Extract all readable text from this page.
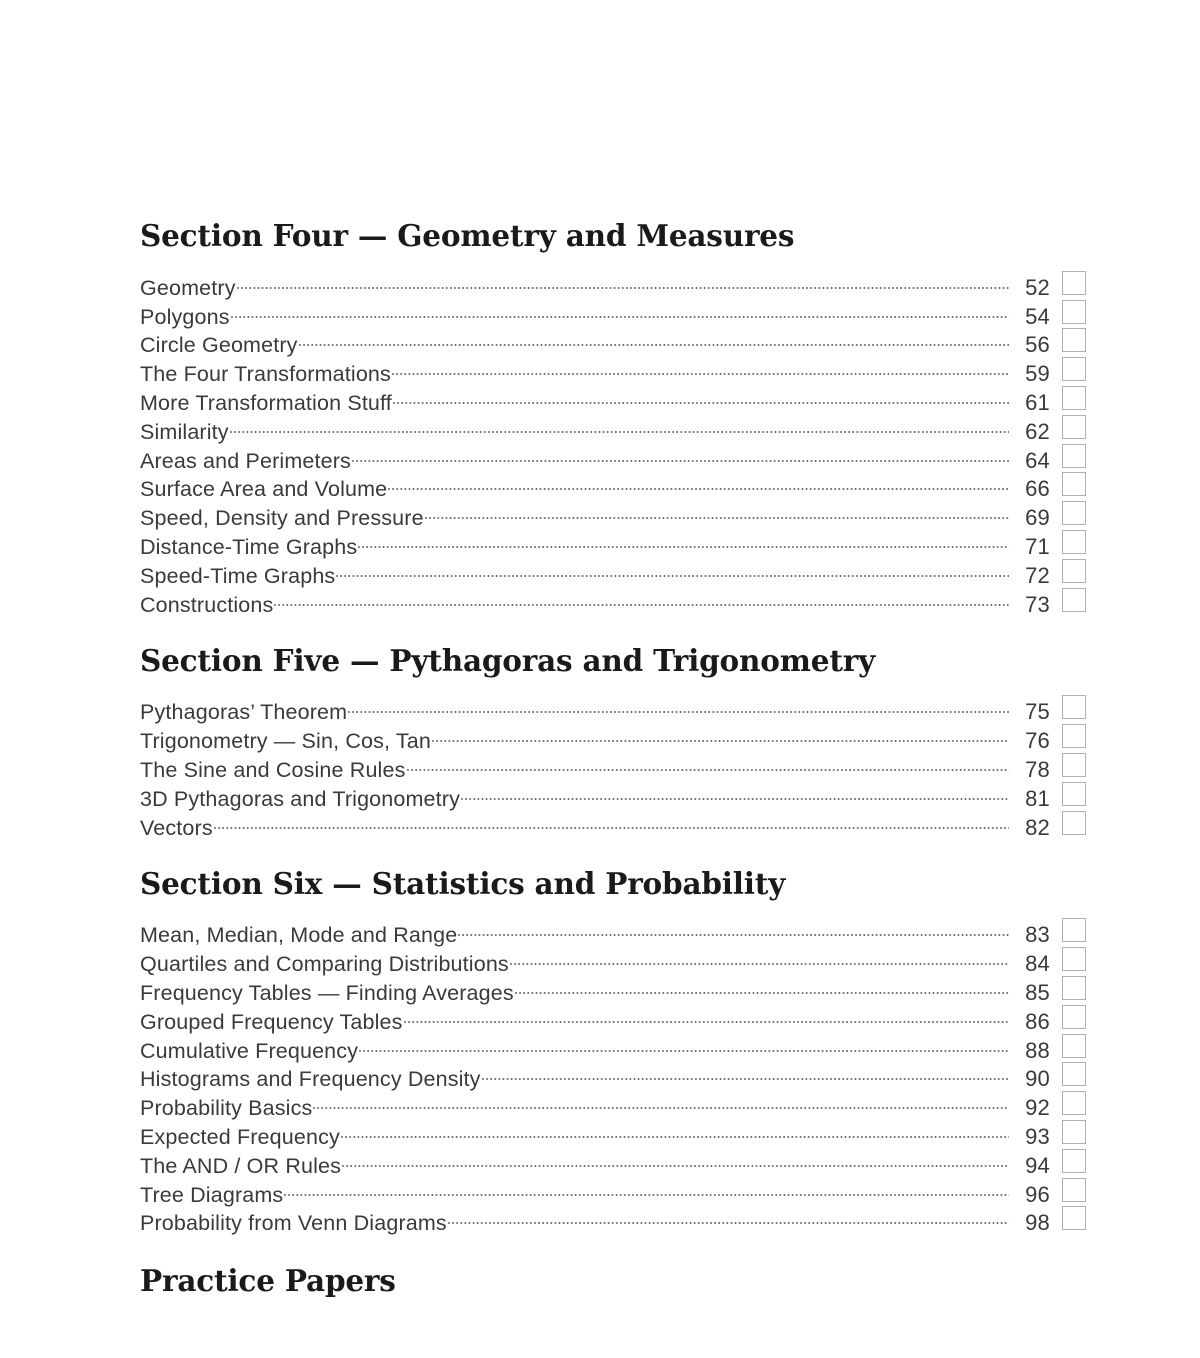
Section Four — Geometry and Measures
Geometry	52
Polygons	54
Circle Geometry	56
The Four Transformations	59
More Transformation Stuff	61
Similarity	62
Areas and Perimeters	64
Surface Area and Volume	66
Speed, Density and Pressure	69
Distance-Time Graphs	71
Speed-Time Graphs	72
Constructions	73
Section Five — Pythagoras and Trigonometry
Pythagoras’ Theorem	75
Trigonometry — Sin, Cos, Tan	76
The Sine and Cosine Rules	78
3D Pythagoras and Trigonometry	81
Vectors	82
Section Six — Statistics and Probability
Mean, Median, Mode and Range	83
Quartiles and Comparing Distributions	84
Frequency Tables — Finding Averages	85
Grouped Frequency Tables	86
Cumulative Frequency	88
Histograms and Frequency Density	90
Probability Basics	92
Expected Frequency	93
The AND / OR Rules	94
Tree Diagrams	96
Probability from Venn Diagrams	98
Practice Papers
